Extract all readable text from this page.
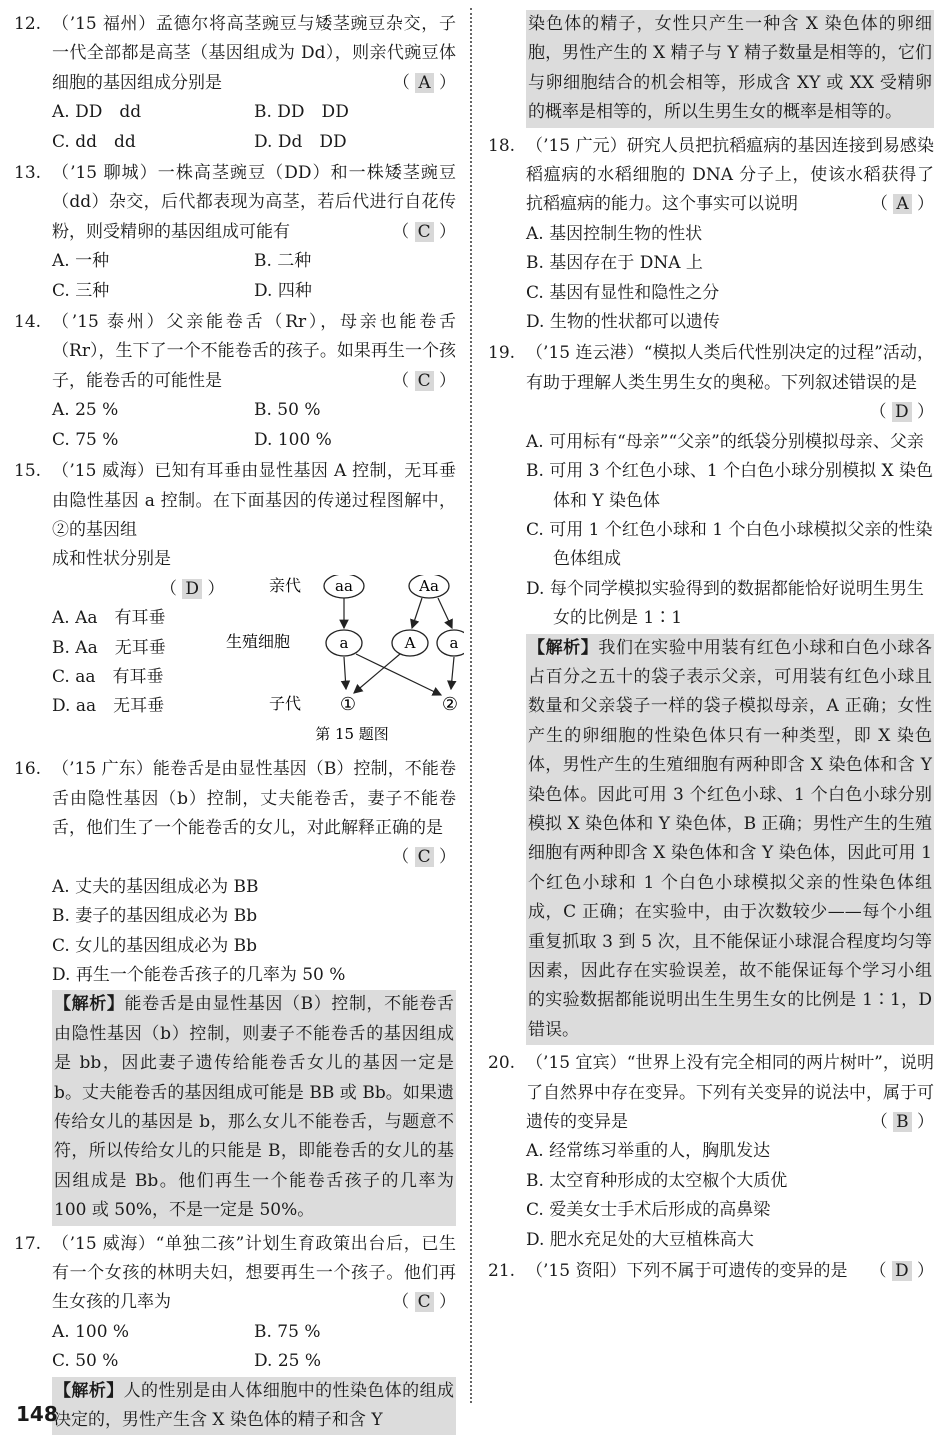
12. （’15 福州）孟德尔将高茎豌豆与矮茎豌豆杂交，子一代全部都是高茎（基因组成为 Dd），则亲代豌豆体细胞的基因组成分别是	（ A ）
A. DD　dd	B. DD　DD
C. dd　dd	D. Dd　DD
13. （’15 聊城）一株高茎豌豆（DD）和一株矮茎豌豆（dd）杂交，后代都表现为高茎，若后代进行自花传粉，则受精卵的基因组成可能有	（ C ）
A. 一种	B. 二种
C. 三种	D. 四种
14. （’15 泰州）父亲能卷舌（Rr），母亲也能卷舌（Rr），生下了一个不能卷舌的孩子。如果再生一个孩子，能卷舌的可能性是	（ C ）
A. 25 %	B. 50 %
C. 75 %	D. 100 %
15. （’15 威海）已知有耳垂由显性基因 A 控制，无耳垂由隐性基因 a 控制。在下面基因的传递过程图解中，②的基因组
成和性状分别是
（ D ）
A. Aa　有耳垂
B. Aa　无耳垂
C. aa　有耳垂
D. aa　无耳垂
亲代
生殖细胞
子代
aa	Aa
a	A a
①	②
第 15 题图
16. （’15 广东）能卷舌是由显性基因（B）控制，不能卷舌由隐性基因（b）控制，丈夫能卷舌，妻子不能卷舌，他们生了一个能卷舌的女儿，对此解释正确的是
（ C ）
A. 丈夫的基因组成必为 BB
B. 妻子的基因组成必为 Bb
C. 女儿的基因组成必为 Bb
D. 再生一个能卷舌孩子的几率为 50 %
【解析】能卷舌是由显性基因（B）控制，不能卷舌由隐性基因（b）控制，则妻子不能卷舌的基因组成是 bb，因此妻子遗传给能卷舌女儿的基因一定是 b。丈夫能卷舌的基因组成可能是 BB 或 Bb。如果遗传给女儿的基因是 b，那么女儿不能卷舌，与题意不符，所以传给女儿的只能是 B，即能卷舌的女儿的基因组成是 Bb。他们再生一个能卷舌孩子的几率为 100 或 50%，不是一定是 50%。
17. （’15 威海）“单独二孩”计划生育政策出台后，已生有一个女孩的林明夫妇，想要再生一个孩子。他们再生女孩的几率为	（ C ）
A. 100 %	B. 75 %
C. 50 %	D. 25 %
【解析】人的性别是由人体细胞中的性染色体的组成决定的，男性产生含 X 染色体的精子和含 Y
染色体的精子，女性只产生一种含 X 染色体的卵细胞，男性产生的 X 精子与 Y 精子数量是相等的，它们与卵细胞结合的机会相等，形成含 XY 或 XX 受精卵的概率是相等的，所以生男生女的概率是相等的。
18. （’15 广元）研究人员把抗稻瘟病的基因连接到易感染稻瘟病的水稻细胞的 DNA 分子上，使该水稻获得了抗稻瘟病的能力。这个事实可以说明	（ A ）
A. 基因控制生物的性状
B. 基因存在于 DNA 上
C. 基因有显性和隐性之分
D. 生物的性状都可以遗传
19. （’15 连云港）“模拟人类后代性别决定的过程”活动，有助于理解人类生男生女的奥秘。下列叙述错误的是
（ D ）
A. 可用标有“母亲”“父亲”的纸袋分别模拟母亲、父亲
B. 可用 3 个红色小球、1 个白色小球分别模拟 X 染色体和 Y 染色体
C. 可用 1 个红色小球和 1 个白色小球模拟父亲的性染色体组成
D. 每个同学模拟实验得到的数据都能恰好说明生男生女的比例是 1∶1
【解析】我们在实验中用装有红色小球和白色小球各占百分之五十的袋子表示父亲，可用装有红色小球且数量和父亲袋子一样的袋子模拟母亲，A 正确；女性产生的卵细胞的性染色体只有一种类型，即 X 染色体，男性产生的生殖细胞有两种即含 X 染色体和含 Y 染色体。因此可用 3 个红色小球、1 个白色小球分别模拟 X 染色体和 Y 染色体，B 正确；男性产生的生殖细胞有两种即含 X 染色体和含 Y 染色体，因此可用 1 个红色小球和 1 个白色小球模拟父亲的性染色体组成，C 正确；在实验中，由于次数较少——每个小组重复抓取 3 到 5 次，且不能保证小球混合程度均匀等因素，因此存在实验误差，故不能保证每个学习小组的实验数据都能说明出生生男生女的比例是 1∶1，D 错误。
20. （’15 宜宾）“世界上没有完全相同的两片树叶”，说明了自然界中存在变异。下列有关变异的说法中，属于可遗传的变异是	（ B ）
A. 经常练习举重的人，胸肌发达
B. 太空育种形成的太空椒个大质优
C. 爱美女士手术后形成的高鼻梁
D. 肥水充足处的大豆植株高大
21. （’15 资阳）下列不属于可遗传的变异的是 （ D ）
148
